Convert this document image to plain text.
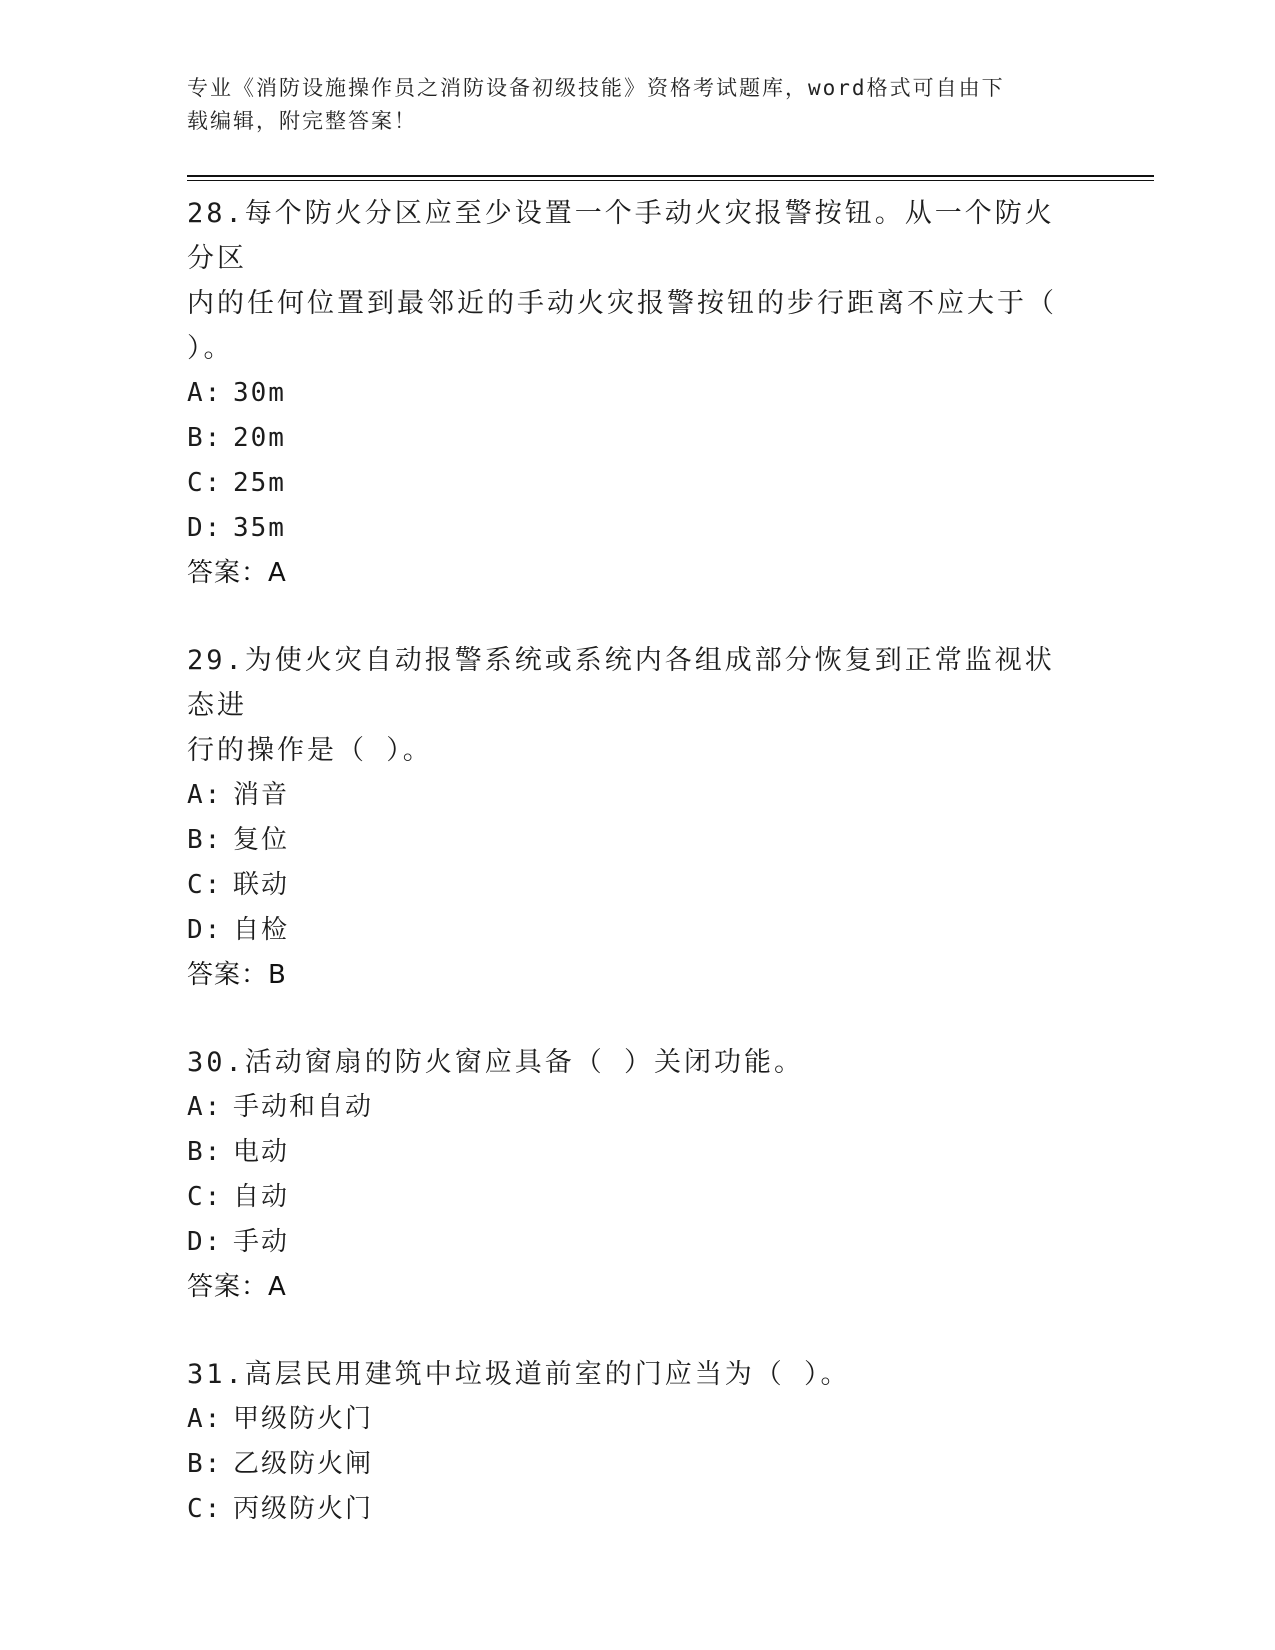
专业《消防设施操作员之消防设备初级技能》资格考试题库，word格式可自由下
载编辑，附完整答案！

28.每个防火分区应至少设置一个手动火灾报警按钮。从一个防火分区

内的任何位置到最邻近的手动火灾报警按钮的步行距离不应大于（

）。

A: 30m

B: 20m

C: 25m

D: 35m

答案：A

29.为使火灾自动报警系统或系统内各组成部分恢复到正常监视状态进

行的操作是（ ）。

A: 消音

B: 复位

C: 联动

D: 自检

答案：B

30.活动窗扇的防火窗应具备（ ）关闭功能。

A: 手动和自动

B: 电动

C: 自动

D: 手动

答案：A

31.高层民用建筑中垃圾道前室的门应当为（ ）。

A: 甲级防火门

B: 乙级防火闸

C: 丙级防火门
